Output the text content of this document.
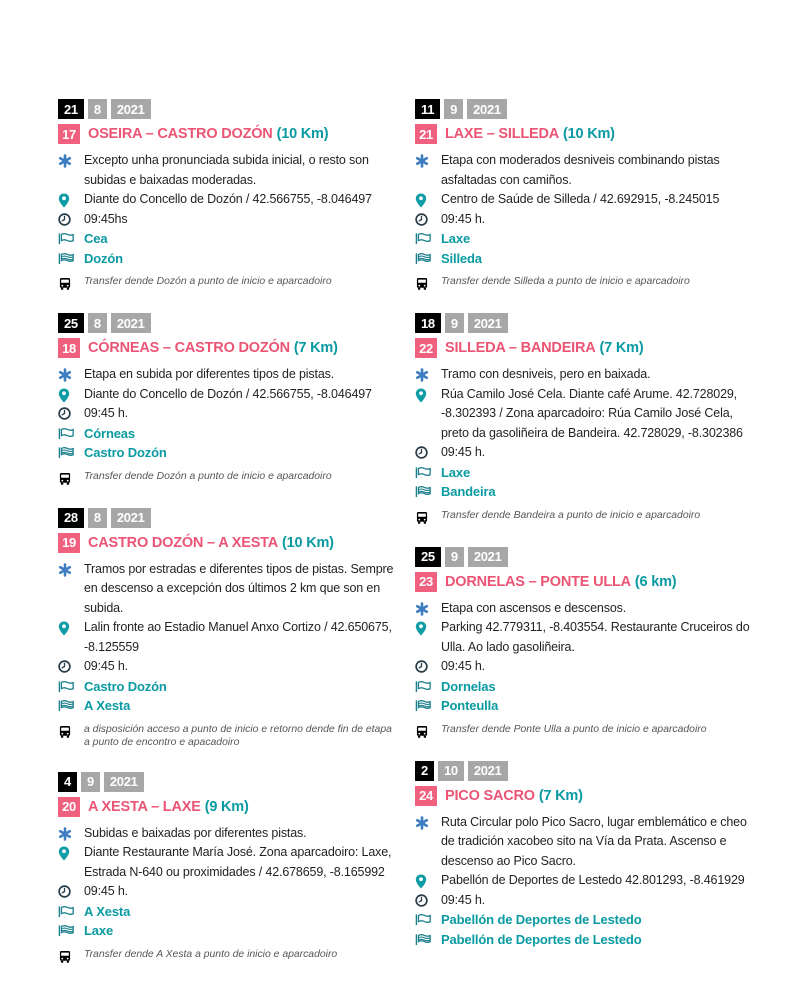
21	8	2021
17 OSEIRA – CASTRO DOZÓN (10 Km)

Excepto unha pronunciada subida inicial, o resto son subidas e baixadas moderadas.

Diante do Concello de Dozón / 42.566755, -8.046497

09:45hs

Cea

Dozón

Transfer dende Dozón a punto de inicio e aparcadoiro

25	8	2021
18 CÓRNEAS – CASTRO DOZÓN (7 Km)

Etapa en subida por diferentes tipos de pistas.

Diante do Concello de Dozón / 42.566755, -8.046497

09:45 h.

Córneas

Castro Dozón

Transfer dende Dozón a punto de inicio e aparcadoiro

28	8	2021
19 CASTRO DOZÓN – A XESTA (10 Km)

Tramos por estradas e diferentes tipos de pistas. Sempre en descenso a excepción dos últimos 2 km que son en subida.

Lalin fronte ao Estadio Manuel Anxo Cortizo / 42.650675, -8.125559

09:45 h.

Castro Dozón

A Xesta

a disposición acceso a punto de inicio e retorno dende fin de etapa a punto de encontro e apacadoiro

4	9	2021
20 A XESTA – LAXE (9 Km)

Subidas e baixadas por diferentes pistas.

Diante Restaurante María José. Zona aparcadoiro: Laxe, Estrada N-640 ou proximidades / 42.678659, -8.165992

09:45 h.

A Xesta

Laxe

Transfer dende A Xesta a punto de inicio e aparcadoiro

11	9	2021
21 LAXE – SILLEDA (10 Km)

Etapa con moderados desniveis combinando pistas asfaltadas con camiños.

Centro de Saúde de Silleda / 42.692915, -8.245015

09:45 h.

Laxe

Silleda

Transfer dende Silleda a punto de inicio e aparcadoiro

18	9	2021
22 SILLEDA – BANDEIRA (7 Km)

Tramo con desniveis, pero en baixada.

Rúa Camilo José Cela. Diante café Arume. 42.728029, -8.302393 / Zona aparcadoiro: Rúa Camilo José Cela, preto da gasoliñeira de Bandeira. 42.728029, -8.302386

09:45 h.

Laxe

Bandeira

Transfer dende Bandeira a punto de inicio e aparcadoiro

25	9	2021
23 DORNELAS – PONTE ULLA (6 km)

Etapa con ascensos e descensos.

Parking 42.779311, -8.403554. Restaurante Cruceiros do Ulla. Ao lado gasoliñeira.

09:45 h.

Dornelas

Ponteulla

Transfer dende Ponte Ulla a punto de inicio e aparcadoiro

2	10	2021
24 PICO SACRO (7 Km)

Ruta Circular polo Pico Sacro, lugar emblemático e cheo de tradición xacobeo sito na Vía da Prata. Ascenso e descenso ao Pico Sacro.

Pabellón de Deportes de Lestedo 42.801293, -8.461929

09:45 h.

Pabellón de Deportes de Lestedo

Pabellón de Deportes de Lestedo
